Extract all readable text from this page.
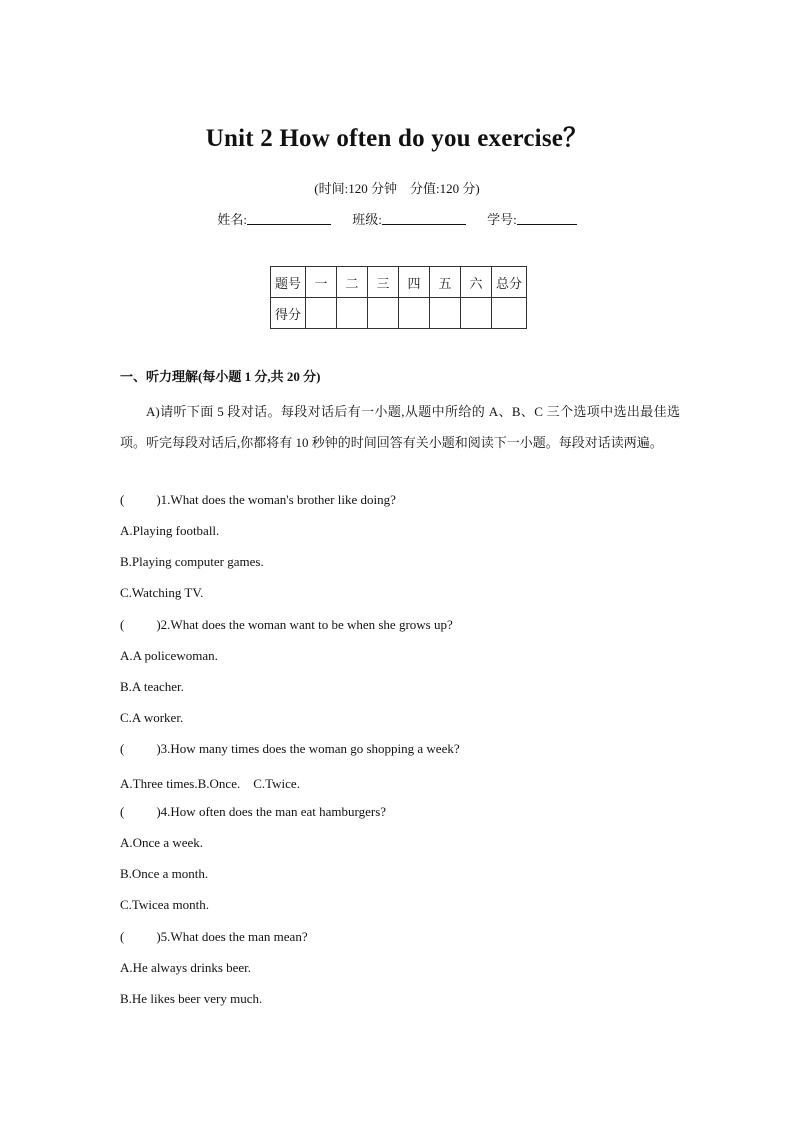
Unit 2 How often do you exercise？
(时间:120 分钟　分值:120 分)
姓名:	班级:	学号:
题号	一	二	三	四	五	六	总分
得分							
一、听力理解(每小题 1 分,共 20 分)
A)请听下面 5 段对话。每段对话后有一小题,从题中所给的 A、B、C 三个选项中选出最佳选项。听完每段对话后,你都将有 10 秒钟的时间回答有关小题和阅读下一小题。每段对话读两遍。
( )1.What does the woman's brother like doing?
A.Playing football.
B.Playing computer games.
C.Watching TV.
( )2.What does the woman want to be when she grows up?
A.A policewoman.
B.A teacher.
C.A worker.
( )3.How many times does the woman go shopping a week?
A.Three times.B.Once.　C.Twice.
( )4.How often does the man eat hamburgers?
A.Once a week.
B.Once a month.
C.Twicea month.
( )5.What does the man mean?
A.He always drinks beer.
B.He likes beer very much.
